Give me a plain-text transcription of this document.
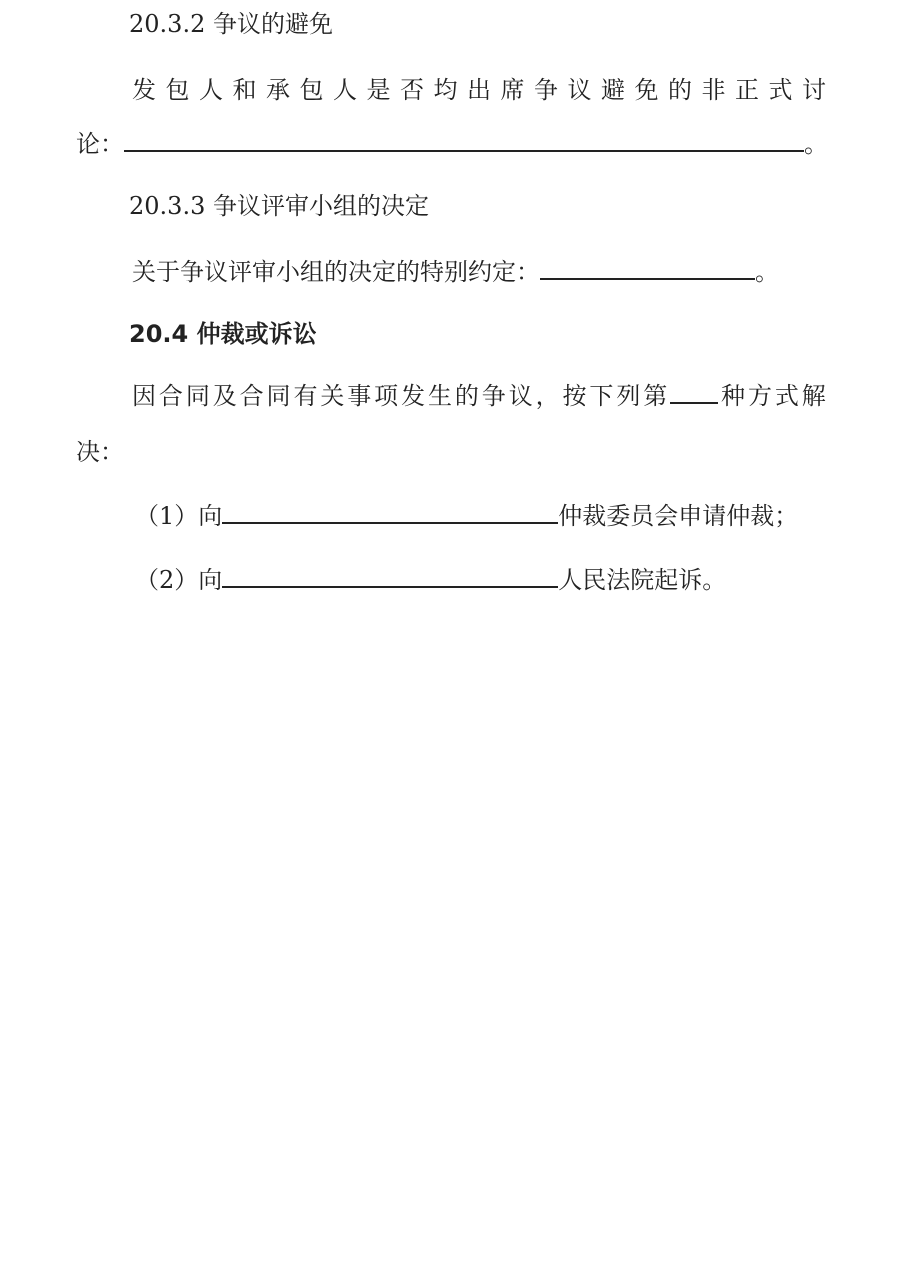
20.3.2 争议的避免
发 包 人 和 承 包 人 是 否 均 出 席 争 议 避 免 的 非 正 式 讨
论：	。
20.3.3 争议评审小组的决定
关于争议评审小组的决定的特别约定：	。
20.4 仲裁或诉讼
因 合 同 及 合 同 有 关 事 项 发 生 的 争 议 ， 按 下 列 第 种 方 式 解
决：
（1）向	仲裁委员会申请仲裁；
（2）向	人民法院起诉。
